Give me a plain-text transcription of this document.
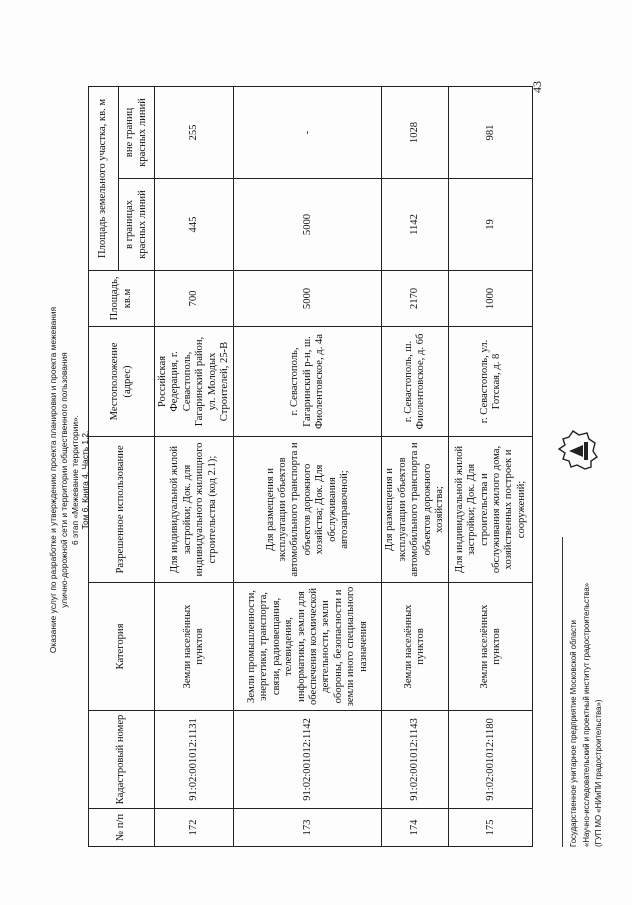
Оказание услуг по разработке и утверждению проекта планировки и проекта межевания улично-дорожной сети и территории общественного пользования 6 этап «Межевание территории». Том 6. Книга 4. Часть 1.2.
43
№ п/п	Кадастровый номер	Категория	Разрешенное использование	Местоположение (адрес)	Площадь, кв.м	Площадь земельного участка, кв. м	
						в границах красных линий	вне границ красных линий
172	91:02:001012:1131	Земли населённых пунктов	Для индивидуальной жилой застройки; Док. для индивидуального жилищного строительства (код 2.1);	Российская Федерация, г. Севастополь, Гагаринский район, ул. Молодых Строителей, 25-В	700	445	255
173	91:02:001012:1142	Земли промышленности, энергетики, транспорта, связи, радиовещания, телевидения, информатики, земли для обеспечения космической деятельности, земли обороны, безопасности и земли иного специального назначения	Для размещения и эксплуатации объектов автомобильного транспорта и объектов дорожного хозяйства; Док. Для обслуживания автозаправочной;	г. Севастополь, Гагаринский р-н, ш. Фиолентовское, д. 4а	5000	5000	-
174	91:02:001012:1143	Земли населённых пунктов	Для размещения и эксплуатации объектов автомобильного транспорта и объектов дорожного хозяйства;	г. Севастополь, ш. Фиолентовское, д. 6б	2170	1142	1028
175	91:02:001012:1180	Земли населённых пунктов	Для индивидуальной жилой застройки; Док. Для строительства и обслуживания жилого дома, хозяйственных построек и сооружений;	г. Севастополь, ул. Готская, д. 8	1000	19	981
Государственное унитарное предприятие Московской области «Научно-исследовательский и проектный институт градостроительства» (ГУП МО «НИиПИ градостроительства»)
